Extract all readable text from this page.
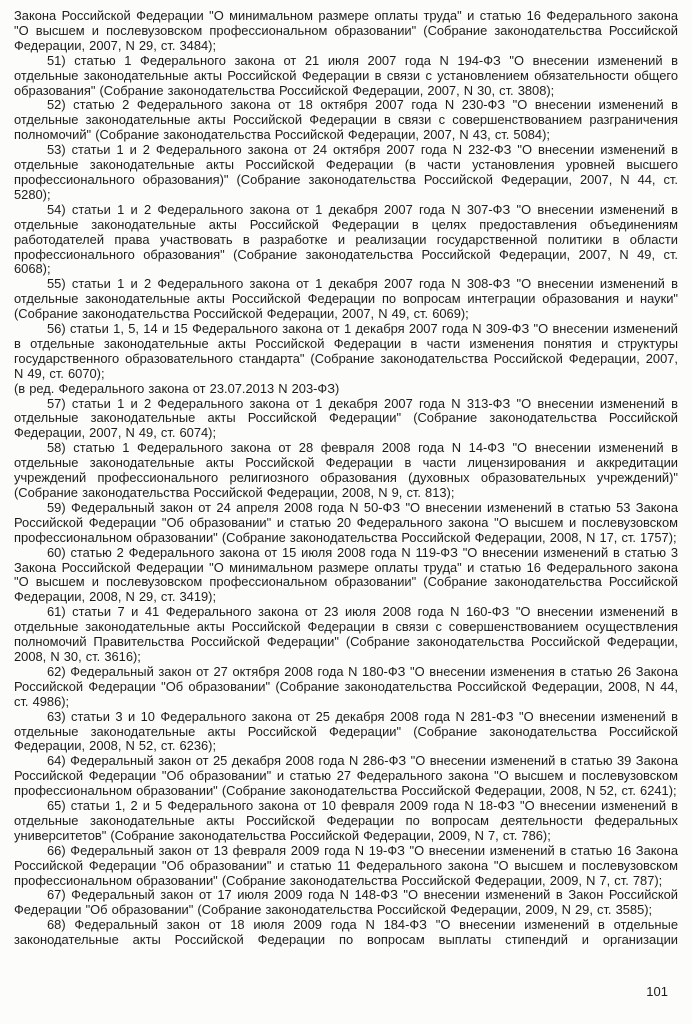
Закона Российской Федерации "О минимальном размере оплаты труда" и статью 16 Федерального закона "О высшем и послевузовском профессиональном образовании" (Собрание законодательства Российской Федерации, 2007, N 29, ст. 3484);

51) статью 1 Федерального закона от 21 июля 2007 года N 194-ФЗ "О внесении изменений в отдельные законодательные акты Российской Федерации в связи с установлением обязательности общего образования" (Собрание законодательства Российской Федерации, 2007, N 30, ст. 3808);

52) статью 2 Федерального закона от 18 октября 2007 года N 230-ФЗ "О внесении изменений в отдельные законодательные акты Российской Федерации в связи с совершенствованием разграничения полномочий" (Собрание законодательства Российской Федерации, 2007, N 43, ст. 5084);

53) статьи 1 и 2 Федерального закона от 24 октября 2007 года N 232-ФЗ "О внесении изменений в отдельные законодательные акты Российской Федерации (в части установления уровней высшего профессионального образования)" (Собрание законодательства Российской Федерации, 2007, N 44, ст. 5280);

54) статьи 1 и 2 Федерального закона от 1 декабря 2007 года N 307-ФЗ "О внесении изменений в отдельные законодательные акты Российской Федерации в целях предоставления объединениям работодателей права участвовать в разработке и реализации государственной политики в области профессионального образования" (Собрание законодательства Российской Федерации, 2007, N 49, ст. 6068);

55) статьи 1 и 2 Федерального закона от 1 декабря 2007 года N 308-ФЗ "О внесении изменений в отдельные законодательные акты Российской Федерации по вопросам интеграции образования и науки" (Собрание законодательства Российской Федерации, 2007, N 49, ст. 6069);

56) статьи 1, 5, 14 и 15 Федерального закона от 1 декабря 2007 года N 309-ФЗ "О внесении изменений в отдельные законодательные акты Российской Федерации в части изменения понятия и структуры государственного образовательного стандарта" (Собрание законодательства Российской Федерации, 2007, N 49, ст. 6070);

(в ред. Федерального закона от 23.07.2013 N 203-ФЗ)

57) статьи 1 и 2 Федерального закона от 1 декабря 2007 года N 313-ФЗ "О внесении изменений в отдельные законодательные акты Российской Федерации" (Собрание законодательства Российской Федерации, 2007, N 49, ст. 6074);

58) статью 1 Федерального закона от 28 февраля 2008 года N 14-ФЗ "О внесении изменений в отдельные законодательные акты Российской Федерации в части лицензирования и аккредитации учреждений профессионального религиозного образования (духовных образовательных учреждений)" (Собрание законодательства Российской Федерации, 2008, N 9, ст. 813);

59) Федеральный закон от 24 апреля 2008 года N 50-ФЗ "О внесении изменений в статью 53 Закона Российской Федерации "Об образовании" и статью 20 Федерального закона "О высшем и послевузовском профессиональном образовании" (Собрание законодательства Российской Федерации, 2008, N 17, ст. 1757);

60) статью 2 Федерального закона от 15 июля 2008 года N 119-ФЗ "О внесении изменений в статью 3 Закона Российской Федерации "О минимальном размере оплаты труда" и статью 16 Федерального закона "О высшем и послевузовском профессиональном образовании" (Собрание законодательства Российской Федерации, 2008, N 29, ст. 3419);

61) статьи 7 и 41 Федерального закона от 23 июля 2008 года N 160-ФЗ "О внесении изменений в отдельные законодательные акты Российской Федерации в связи с совершенствованием осуществления полномочий Правительства Российской Федерации" (Собрание законодательства Российской Федерации, 2008, N 30, ст. 3616);

62) Федеральный закон от 27 октября 2008 года N 180-ФЗ "О внесении изменения в статью 26 Закона Российской Федерации "Об образовании" (Собрание законодательства Российской Федерации, 2008, N 44, ст. 4986);

63) статьи 3 и 10 Федерального закона от 25 декабря 2008 года N 281-ФЗ "О внесении изменений в отдельные законодательные акты Российской Федерации" (Собрание законодательства Российской Федерации, 2008, N 52, ст. 6236);

64) Федеральный закон от 25 декабря 2008 года N 286-ФЗ "О внесении изменений в статью 39 Закона Российской Федерации "Об образовании" и статью 27 Федерального закона "О высшем и послевузовском профессиональном образовании" (Собрание законодательства Российской Федерации, 2008, N 52, ст. 6241);

65) статьи 1, 2 и 5 Федерального закона от 10 февраля 2009 года N 18-ФЗ "О внесении изменений в отдельные законодательные акты Российской Федерации по вопросам деятельности федеральных университетов" (Собрание законодательства Российской Федерации, 2009, N 7, ст. 786);

66) Федеральный закон от 13 февраля 2009 года N 19-ФЗ "О внесении изменений в статью 16 Закона Российской Федерации "Об образовании" и статью 11 Федерального закона "О высшем и послевузовском профессиональном образовании" (Собрание законодательства Российской Федерации, 2009, N 7, ст. 787);

67) Федеральный закон от 17 июля 2009 года N 148-ФЗ "О внесении изменений в Закон Российской Федерации "Об образовании" (Собрание законодательства Российской Федерации, 2009, N 29, ст. 3585);

68) Федеральный закон от 18 июля 2009 года N 184-ФЗ "О внесении изменений в отдельные законодательные акты Российской Федерации по вопросам выплаты стипендий и организации

101
